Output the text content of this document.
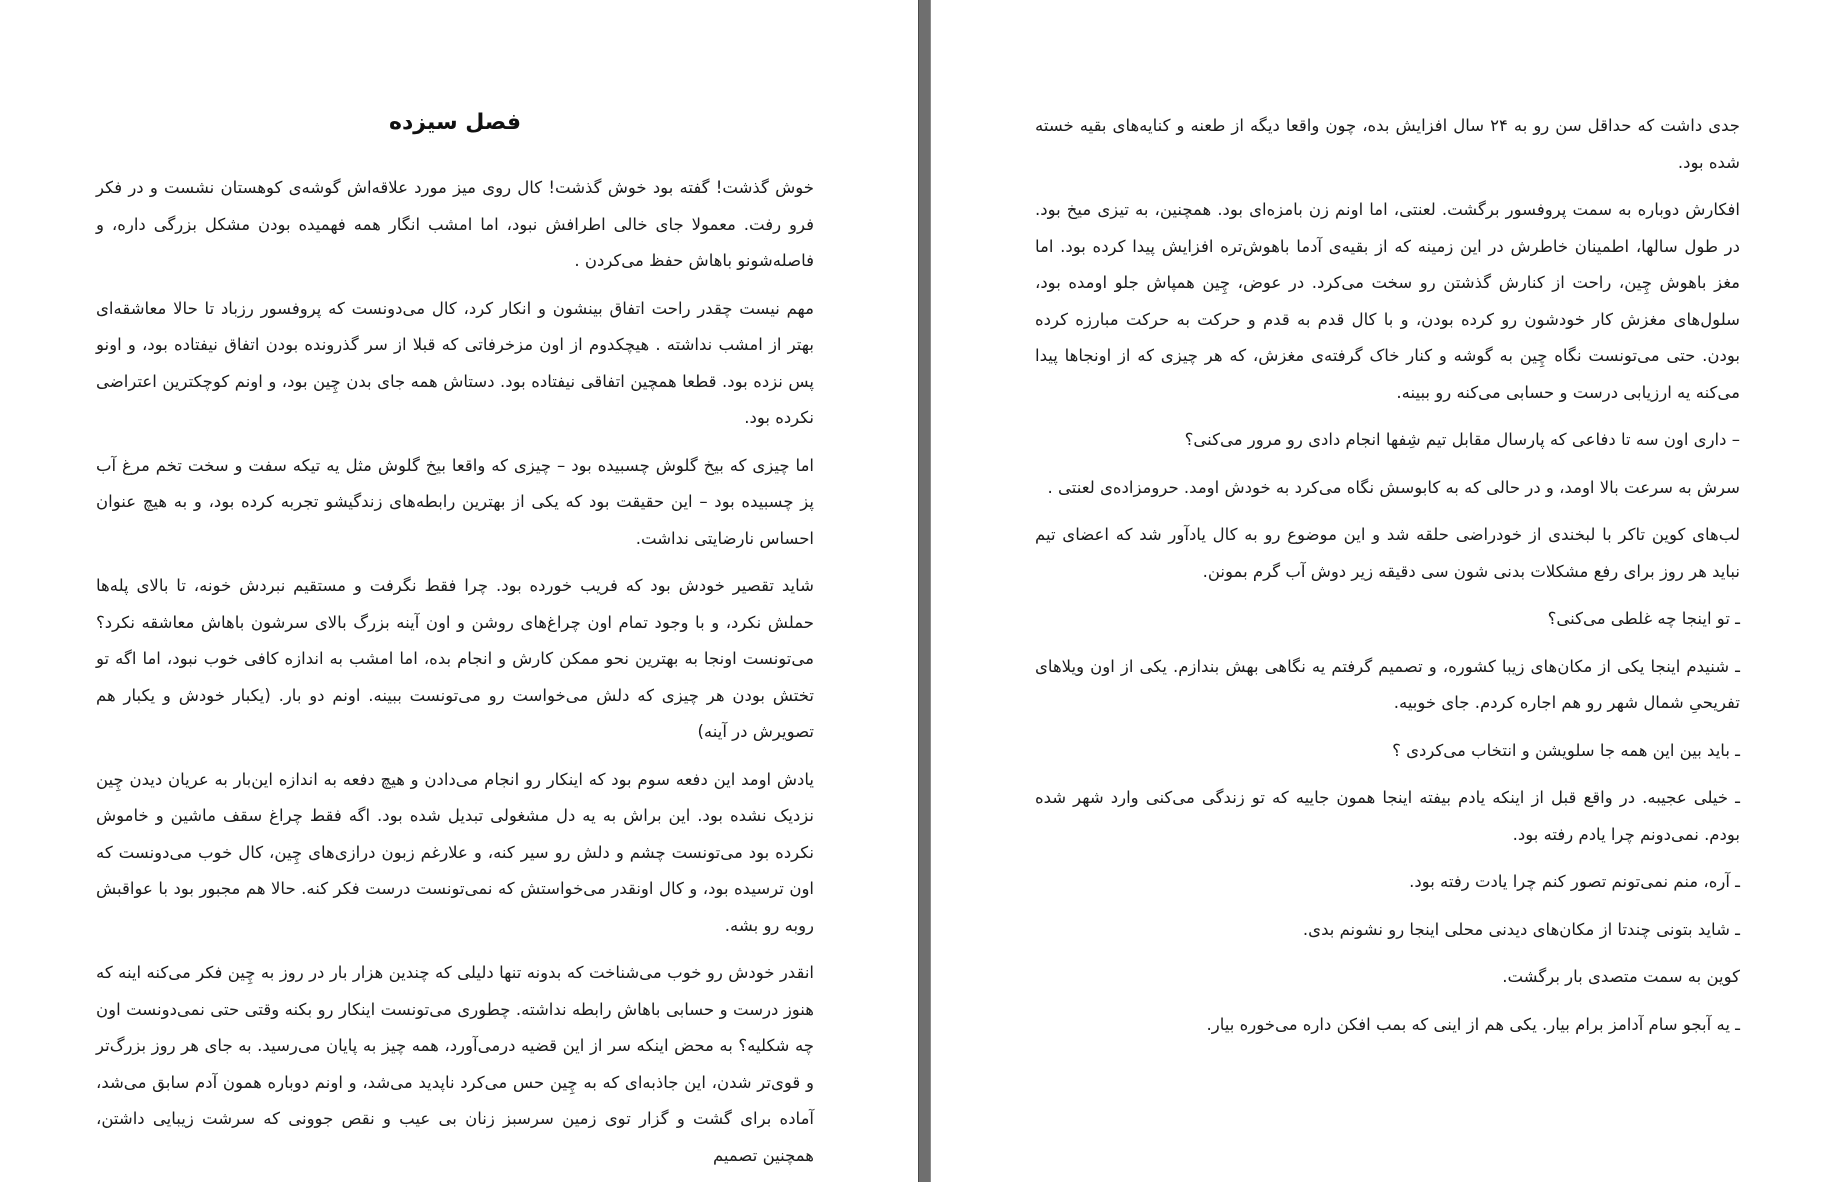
فصل سیزده

خوش گذشت! گفته بود خوش گذشت! کال روی میز مورد علاقه‌اش گوشه‌ی کوهستان نشست و در فکر فرو رفت. معمولا جای خالی اطرافش نبود، اما امشب انگار همه فهمیده بودن مشکل بزرگی داره، و فاصله‌شونو باهاش حفظ می‌کردن .

مهم نیست چقدر راحت اتفاق بینشون و انکار کرد، کال می‌دونست که پروفسور رزباد تا حالا معاشقه‌ای بهتر از امشب نداشته . هیچکدوم از اون مزخرفاتی که قبلا از سر گذرونده بودن اتفاق نیفتاده بود، و اونو پس نزده بود. قطعا همچین اتفاقی نیفتاده بود. دستاش همه جای بدن چِین بود، و اونم کوچکترین اعتراضی نکرده بود.

اما چیزی که بیخ گلوش چسبیده بود – چیزی که واقعا بیخ گلوش مثل یه تیکه سفت و سخت تخم مرغ آب پز چسبیده بود – این حقیقت بود که یکی از بهترین رابطه‌های زندگیشو تجربه کرده بود، و به هیچ عنوان احساس نارضایتی نداشت.

شاید تقصیر خودش بود که فریب خورده بود. چرا فقط نگرفت و مستقیم نبردش خونه، تا بالای پله‌ها حملش نکرد، و با وجود تمام اون چراغ‌های روشن و اون آینه بزرگ بالای سرشون باهاش معاشقه نکرد؟ می‌تونست اونجا به بهترین نحو ممکن کارش و انجام بده، اما امشب به اندازه کافی خوب نبود، اما اگه تو تختش بودن هر چیزی که دلش می‌خواست رو می‌تونست ببینه. اونم دو بار. (یکبار خودش و یکبار هم تصویرش در آینه)

یادش اومد این دفعه سوم بود که اینکار رو انجام می‌دادن و هیچ دفعه به اندازه این‌بار به عریان دیدن چِین نزدیک نشده بود. این براش به یه دل مشغولی تبدیل شده بود. اگه فقط چراغ سقف ماشین و خاموش نکرده بود می‌تونست چشم و دلش رو سیر کنه، و علارغم زبون درازی‌های چِین، کال خوب می‌دونست که اون ترسیده بود، و کال اونقدر می‌خواستش که نمی‌تونست درست فکر کنه. حالا هم مجبور بود با عواقبش روبه رو بشه.

انقدر خودش رو خوب می‌شناخت که بدونه تنها دلیلی که چندین هزار بار در روز به چِین فکر می‌کنه اینه که هنوز درست و حسابی باهاش رابطه نداشته. چطوری می‌تونست اینکار رو بکنه وقتی حتی نمی‌دونست اون چه شکلیه؟ به محض اینکه سر از این قضیه درمی‌آورد، همه چیز به پایان می‌رسید. به جای هر روز بزرگ‌تر و قوی‌تر شدن، این جاذبه‌ای که به چِین حس می‌کرد ناپدید می‌شد، و اونم دوباره همون آدم سابق می‌شد، آماده برای گشت و گزار توی زمین سرسبز زنان بی عیب و نقص جوونی که سرشت زیبایی داشتن، همچنین تصمیم

جدی داشت که حداقل سن رو به ۲۴ سال افزایش بده، چون واقعا دیگه از طعنه و کنایه‌های بقیه خسته شده بود.

افکارش دوباره به سمت پروفسور برگشت. لعنتی، اما اونم زن بامزه‌ای بود. همچنین، به تیزی میخ بود. در طول سالها، اطمینان خاطرش در این زمینه که از بقیه‌ی آدما باهوش‌تره افزایش پیدا کرده بود. اما مغز باهوش چِین، راحت از کنارش گذشتن رو سخت می‌کرد. در عوض، چِین همپاش جلو اومده بود، سلول‌های مغزش کار خودشون رو کرده بودن، و با کال قدم به قدم و حرکت به حرکت مبارزه کرده بودن. حتی می‌تونست نگاه چِین به گوشه و کنار خاک گرفته‌ی مغزش، که هر چیزی که از اونجاها پیدا می‌کنه یه ارزیابی درست و حسابی می‌کنه رو ببینه.

– داری اون سه تا دفاعی که پارسال مقابل تیم شِفها انجام دادی رو مرور می‌کنی؟

سرش به سرعت بالا اومد، و در حالی که به کابوسش نگاه می‌کرد به خودش اومد. حرومزاده‌ی لعنتی .

لب‌های کوین تاکر با لبخندی از خودراضی حلقه شد و این موضوع رو به کال یادآور شد که اعضای تیم نباید هر روز برای رفع مشکلات بدنی شون سی دقیقه زیر دوش آب گرم بمونن.

ـ تو اینجا چه غلطی می‌کنی؟

ـ شنیدم اینجا یکی از مکان‌های زیبا کشوره، و تصمیم گرفتم یه نگاهی بهش بندازم. یکی از اون ویلاهای تفریحیِ شمال شهر رو هم اجاره کردم. جای خوبیه.

ـ باید بین این همه جا سلویشن و انتخاب می‌کردی ؟

ـ خیلی عجیبه. در واقع قبل از اینکه یادم بیفته اینجا همون جاییه که تو زندگی می‌کنی وارد شهر شده بودم. نمی‌دونم چرا یادم رفته بود.

ـ آره، منم نمی‌تونم تصور کنم چرا یادت رفته بود.

ـ شاید بتونی چندتا از مکان‌های دیدنی محلی اینجا رو نشونم بدی.

کوین به سمت متصدی بار برگشت.

ـ یه آبجو سام آدامز برام بیار. یکی هم از اینی که بمب افکن داره می‌خوره بیار.
